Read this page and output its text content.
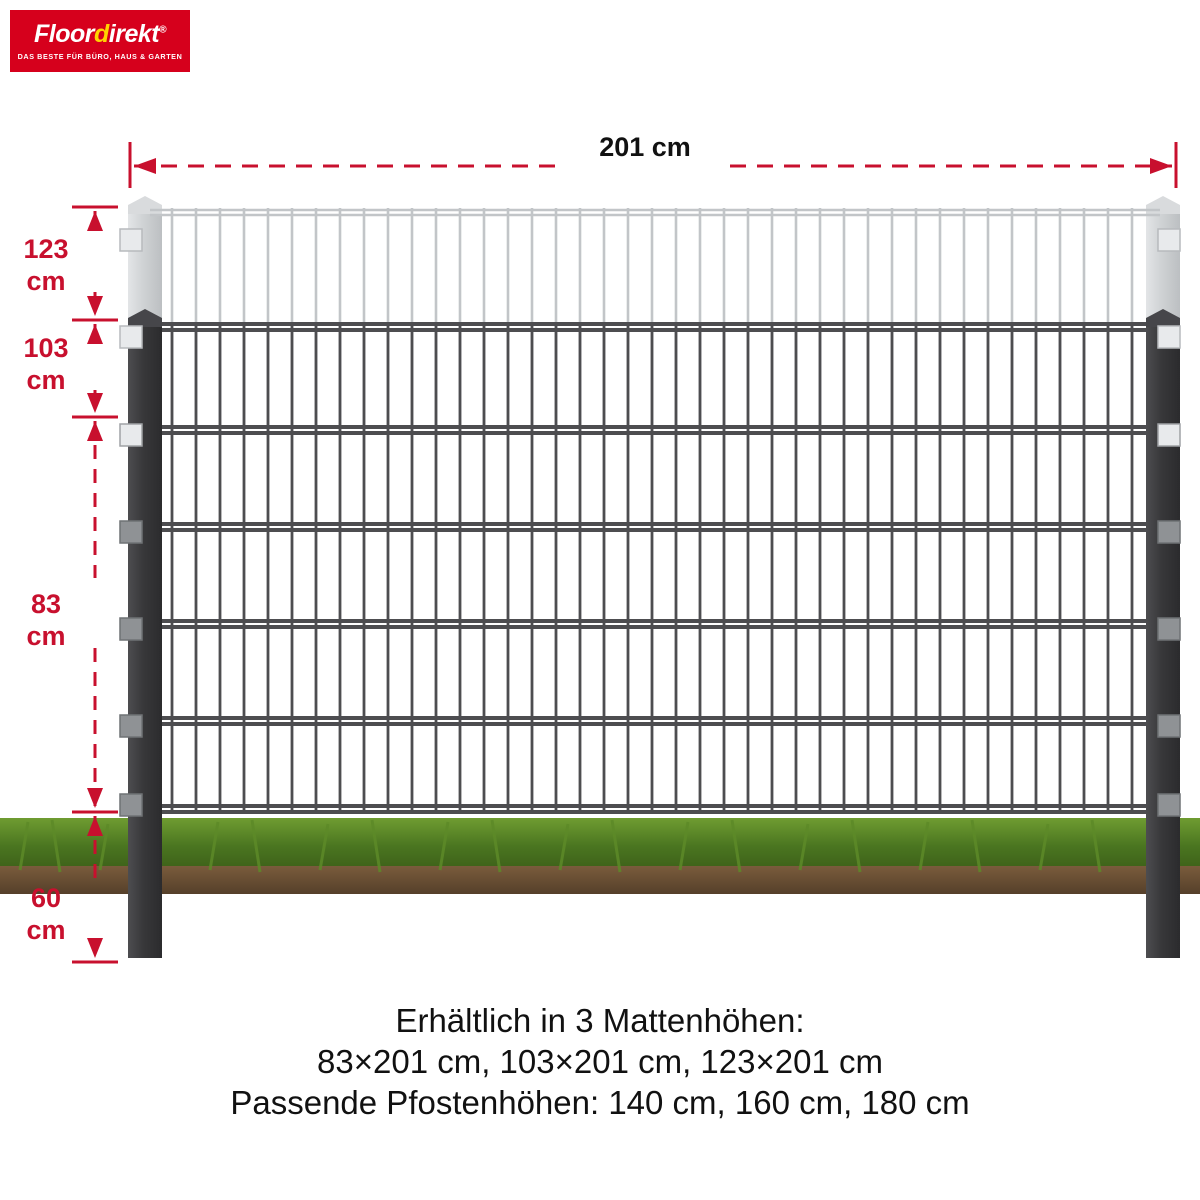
Floordirekt®
DAS BESTE FÜR BÜRO, HAUS & GARTEN
201 cm
123
cm
103
cm
83
cm
60
cm
Erhältlich in 3 Mattenhöhen:
83×201 cm, 103×201 cm, 123×201 cm
Passende Pfostenhöhen: 140 cm, 160 cm, 180 cm
